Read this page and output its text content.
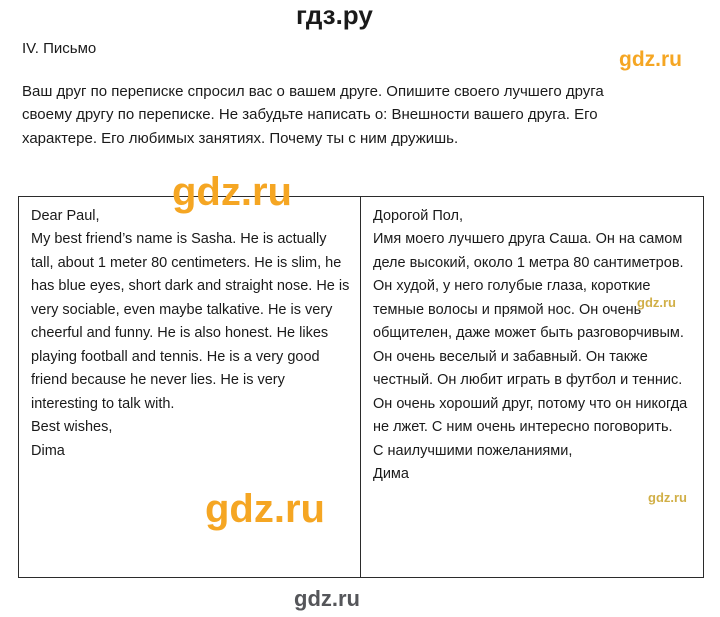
гдз.ру
IV. Письмо
Ваш друг по переписке спросил вас о вашем друге. Опишите своего лучшего друга своему другу по переписке. Не забудьте написать о: Внешности вашего друга. Его характере. Его любимых занятиях. Почему ты с ним дружишь.

Dear Paul,

My best friend’s name is Sasha. He is actually tall, about 1 meter 80 centimeters. He is slim, he has blue eyes, short dark and straight nose. He is very sociable, even maybe talkative. He is very cheerful and funny. He is also honest. He likes playing football and tennis. He is a very good friend because he never lies. He is very interesting to talk with.

Best wishes,

Dima

Дорогой Пол,

Имя моего лучшего друга Саша. Он на самом деле высокий, около 1 метра 80 сантиметров. Он худой, у него голубые глаза, короткие темные волосы и прямой нос. Он очень общителен, даже может быть разговорчивым. Он очень веселый и забавный. Он также честный. Он любит играть в футбол и теннис. Он очень хороший друг, потому что он никогда не лжет. С ним очень интересно поговорить.

С наилучшими пожеланиями,

Дима

gdz.ru
gdz.ru
gdz.ru
gdz.ru
gdz.ru
gdz.ru
